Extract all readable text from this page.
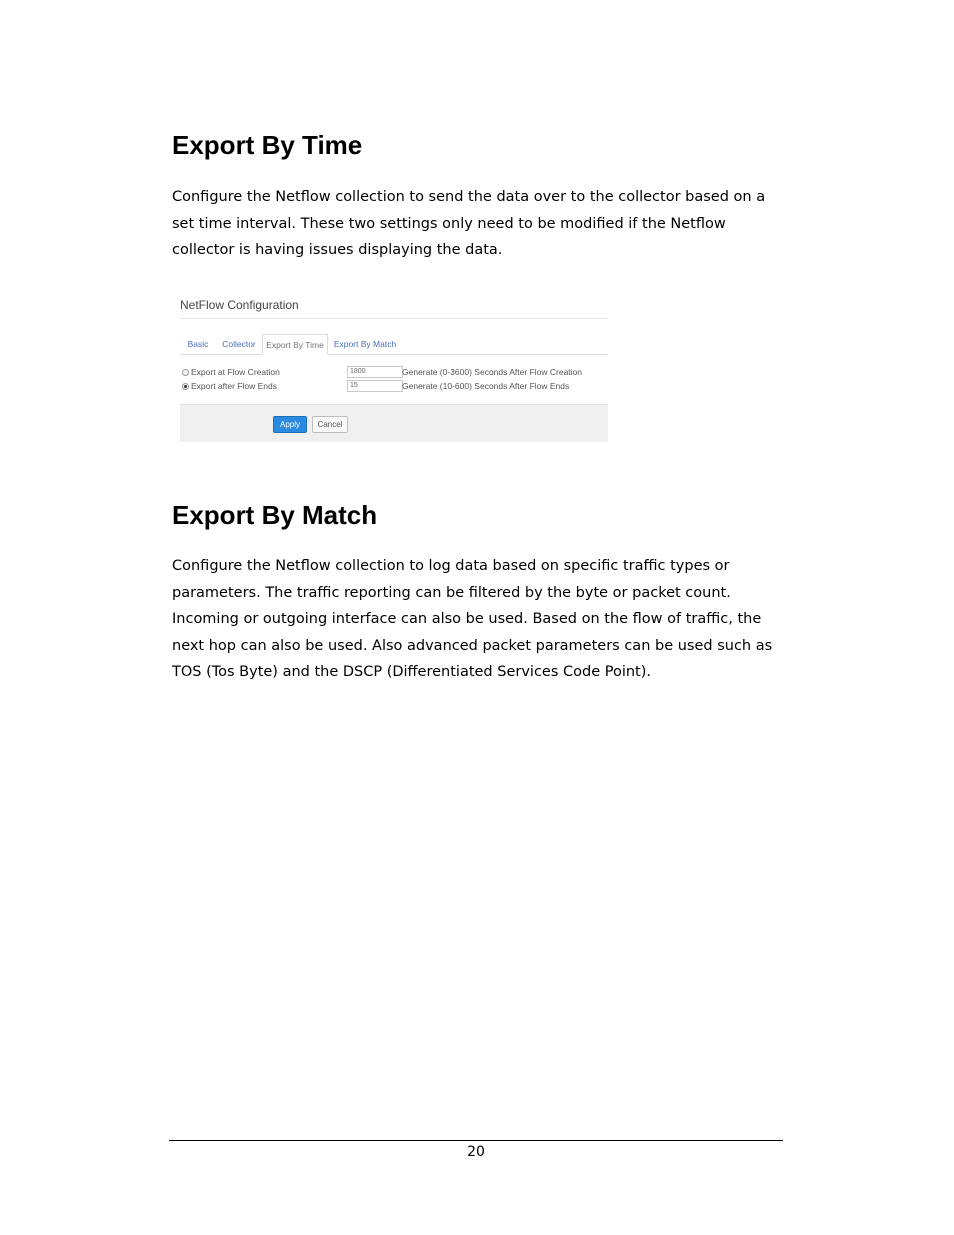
Export By Time

Configure the Netflow collection to send the data over to the collector based on a set time interval. These two settings only need to be modified if the Netflow collector is having issues displaying the data.

NetFlow Configuration
Basic	Collector	Export By Time	Export By Match
Export at Flow Creation	1800	Generate (0-3600) Seconds After Flow Creation
Export after Flow Ends	15	Generate (10-600) Seconds After Flow Ends
Apply	Cancel
Export By Match

Configure the Netflow collection to log data based on specific traffic types or parameters. The traffic reporting can be filtered by the byte or packet count. Incoming or outgoing interface can also be used. Based on the flow of traffic, the next hop can also be used. Also advanced packet parameters can be used such as TOS (Tos Byte) and the DSCP (Differentiated Services Code Point).

20
